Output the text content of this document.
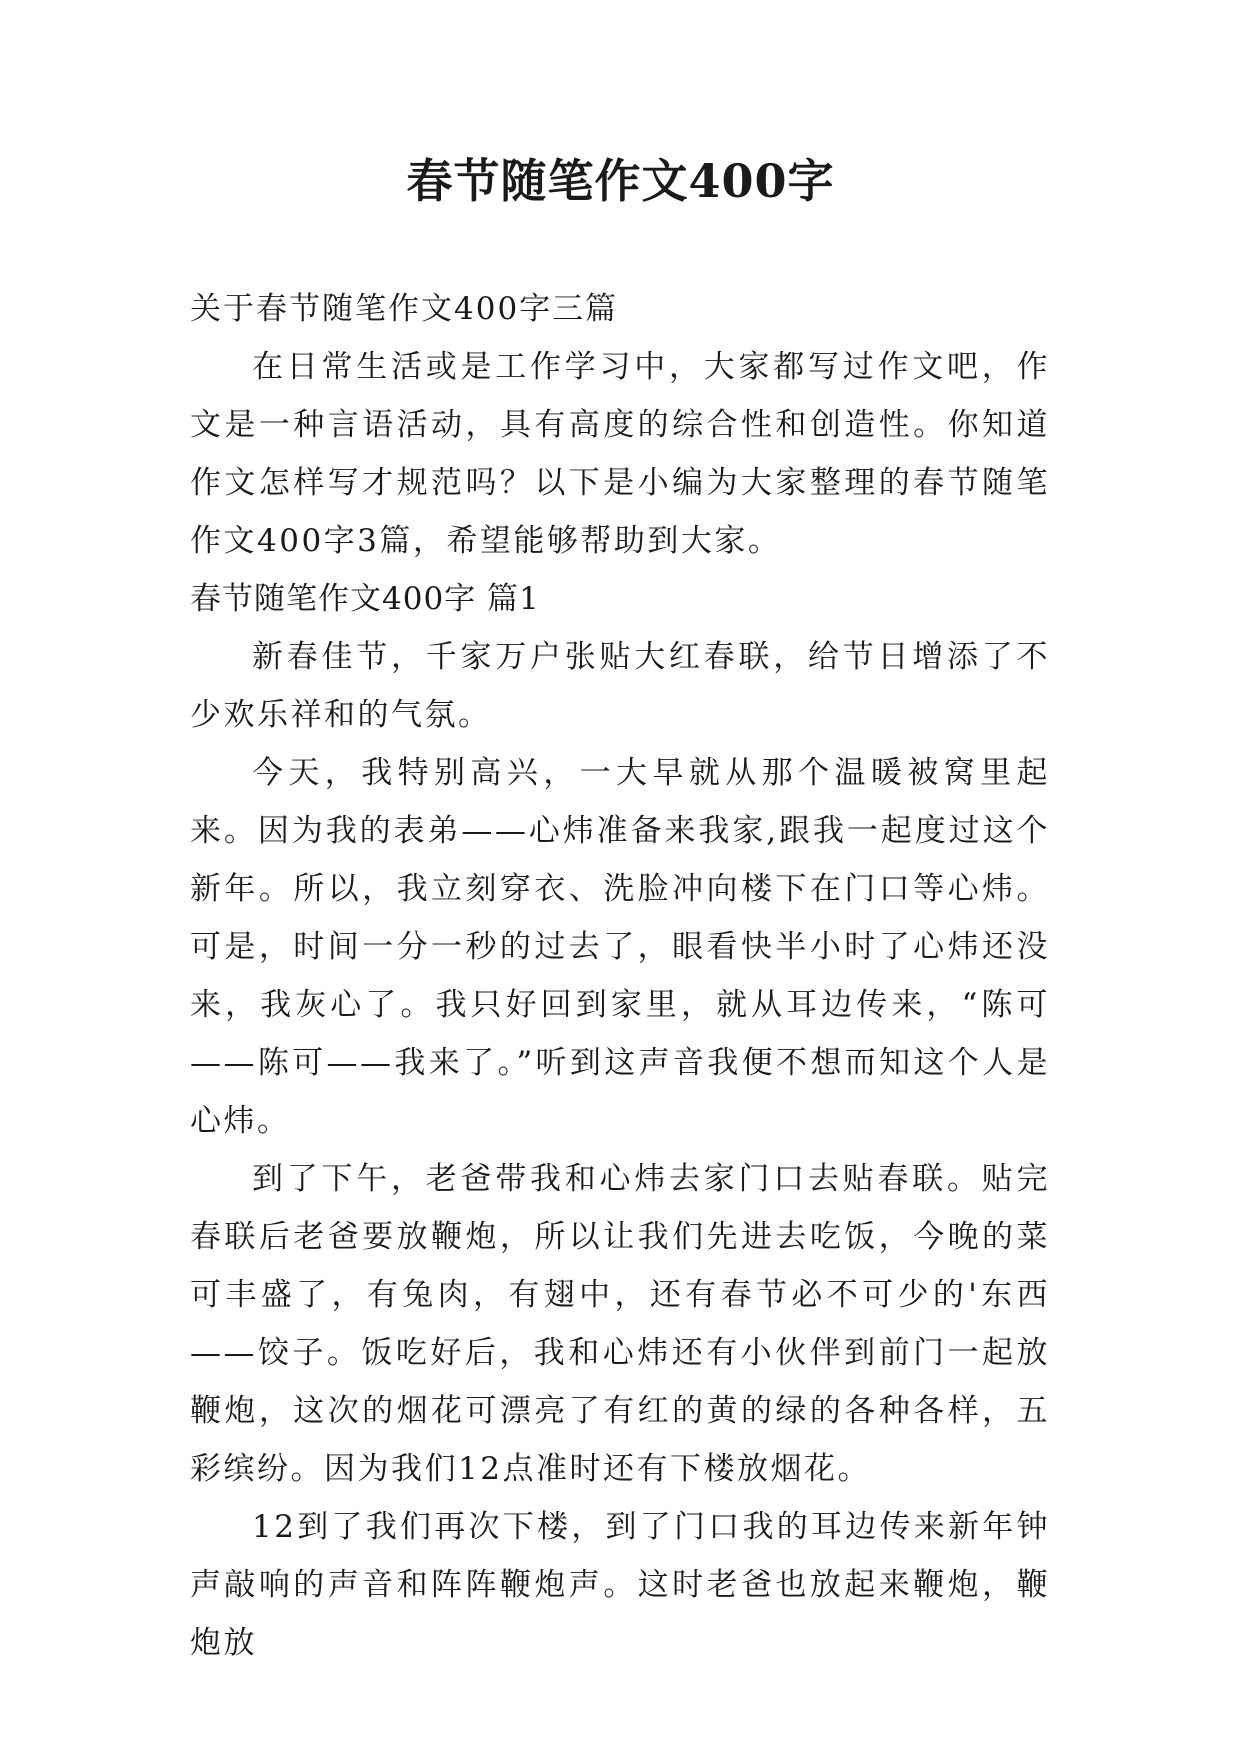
春节随笔作文400字
关于春节随笔作文400字三篇

在日常生活或是工作学习中，大家都写过作文吧，作文是一种言语活动，具有高度的综合性和创造性。你知道作文怎样写才规范吗？以下是小编为大家整理的春节随笔作文400字3篇，希望能够帮助到大家。

春节随笔作文400字 篇1

新春佳节，千家万户张贴大红春联，给节日增添了不少欢乐祥和的气氛。

今天，我特别高兴，一大早就从那个温暖被窝里起来。因为我的表弟——心炜准备来我家,跟我一起度过这个新年。所以，我立刻穿衣、洗脸冲向楼下在门口等心炜。可是，时间一分一秒的过去了，眼看快半小时了心炜还没来，我灰心了。我只好回到家里，就从耳边传来，“陈可——陈可——我来了。”听到这声音我便不想而知这个人是心炜。

到了下午，老爸带我和心炜去家门口去贴春联。贴完春联后老爸要放鞭炮，所以让我们先进去吃饭，今晚的菜可丰盛了，有兔肉，有翅中，还有春节必不可少的'东西——饺子。饭吃好后，我和心炜还有小伙伴到前门一起放鞭炮，这次的烟花可漂亮了有红的黄的绿的各种各样，五彩缤纷。因为我们12点准时还有下楼放烟花。

12到了我们再次下楼，到了门口我的耳边传来新年钟声敲响的声音和阵阵鞭炮声。这时老爸也放起来鞭炮，鞭炮放
